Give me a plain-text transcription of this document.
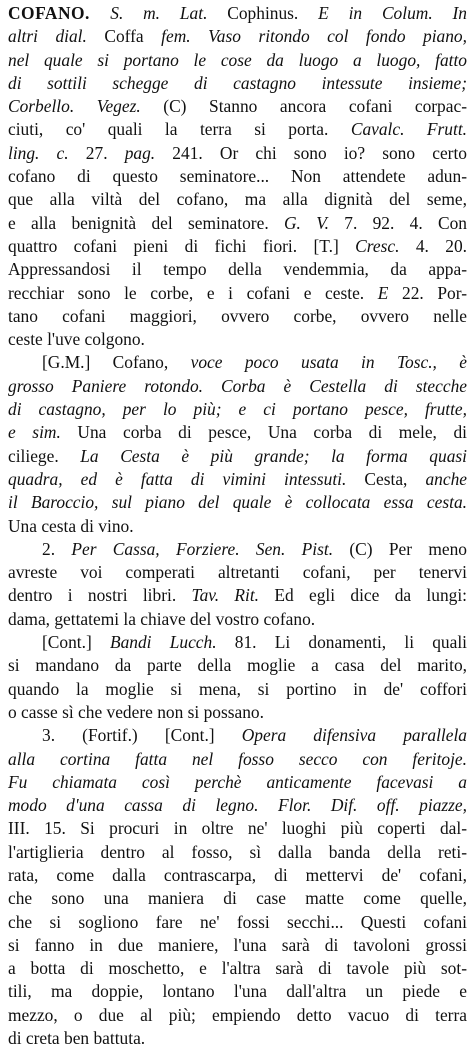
COFANO. S. m. Lat. Cophinus. E in Colum. In
altri dial. Coffa fem. Vaso ritondo col fondo piano,
nel quale si portano le cose da luogo a luogo, fatto
di sottili schegge di castagno intessute insieme;
Corbello. Vegez. (C) Stanno ancora cofani corpac-
ciuti, co' quali la terra si porta. Cavalc. Frutt.
ling. c. 27. pag. 241. Or chi sono io? sono certo
cofano di questo seminatore... Non attendete adun-
que alla viltà del cofano, ma alla dignità del seme,
e alla benignità del seminatore. G. V. 7. 92. 4. Con
quattro cofani pieni di fichi fiori. [T.] Cresc. 4. 20.
Appressandosi il tempo della vendemmia, da appa-
recchiar sono le corbe, e i cofani e ceste. E 22. Por-
tano cofani maggiori, ovvero corbe, ovvero nelle
ceste l'uve colgono.
[G.M.] Cofano, voce poco usata in Tosc., è
grosso Paniere rotondo. Corba è Cestella di stecche
di castagno, per lo più; e ci portano pesce, frutte,
e sim. Una corba di pesce, Una corba di mele, di
ciliege. La Cesta è più grande; la forma quasi
quadra, ed è fatta di vimini intessuti. Cesta, anche
il Baroccio, sul piano del quale è collocata essa cesta.
Una cesta di vino.
2. Per Cassa, Forziere. Sen. Pist. (C) Per meno
avreste voi comperati altretanti cofani, per tenervi
dentro i nostri libri. Tav. Rit. Ed egli dice da lungi:
dama, gettatemi la chiave del vostro cofano.
[Cont.] Bandi Lucch. 81. Li donamenti, li quali
si mandano da parte della moglie a casa del marito,
quando la moglie si mena, si portino in de' coffori
o casse sì che vedere non si possano.
3. (Fortif.) [Cont.] Opera difensiva parallela
alla cortina fatta nel fosso secco con feritoje.
Fu chiamata così perchè anticamente facevasi a
modo d'una cassa di legno. Flor. Dif. off. piazze,
III. 15. Si procuri in oltre ne' luoghi più coperti dal-
l'artiglieria dentro al fosso, sì dalla banda della reti-
rata, come dalla contrascarpa, di mettervi de' cofani,
che sono una maniera di case matte come quelle,
che si sogliono fare ne' fossi secchi... Questi cofani
si fanno in due maniere, l'una sarà di tavoloni grossi
a botta di moschetto, e l'altra sarà di tavole più sot-
tili, ma doppie, lontano l'una dall'altra un piede e
mezzo, o due al più; empiendo detto vacuo di terra
di creta ben battuta.
